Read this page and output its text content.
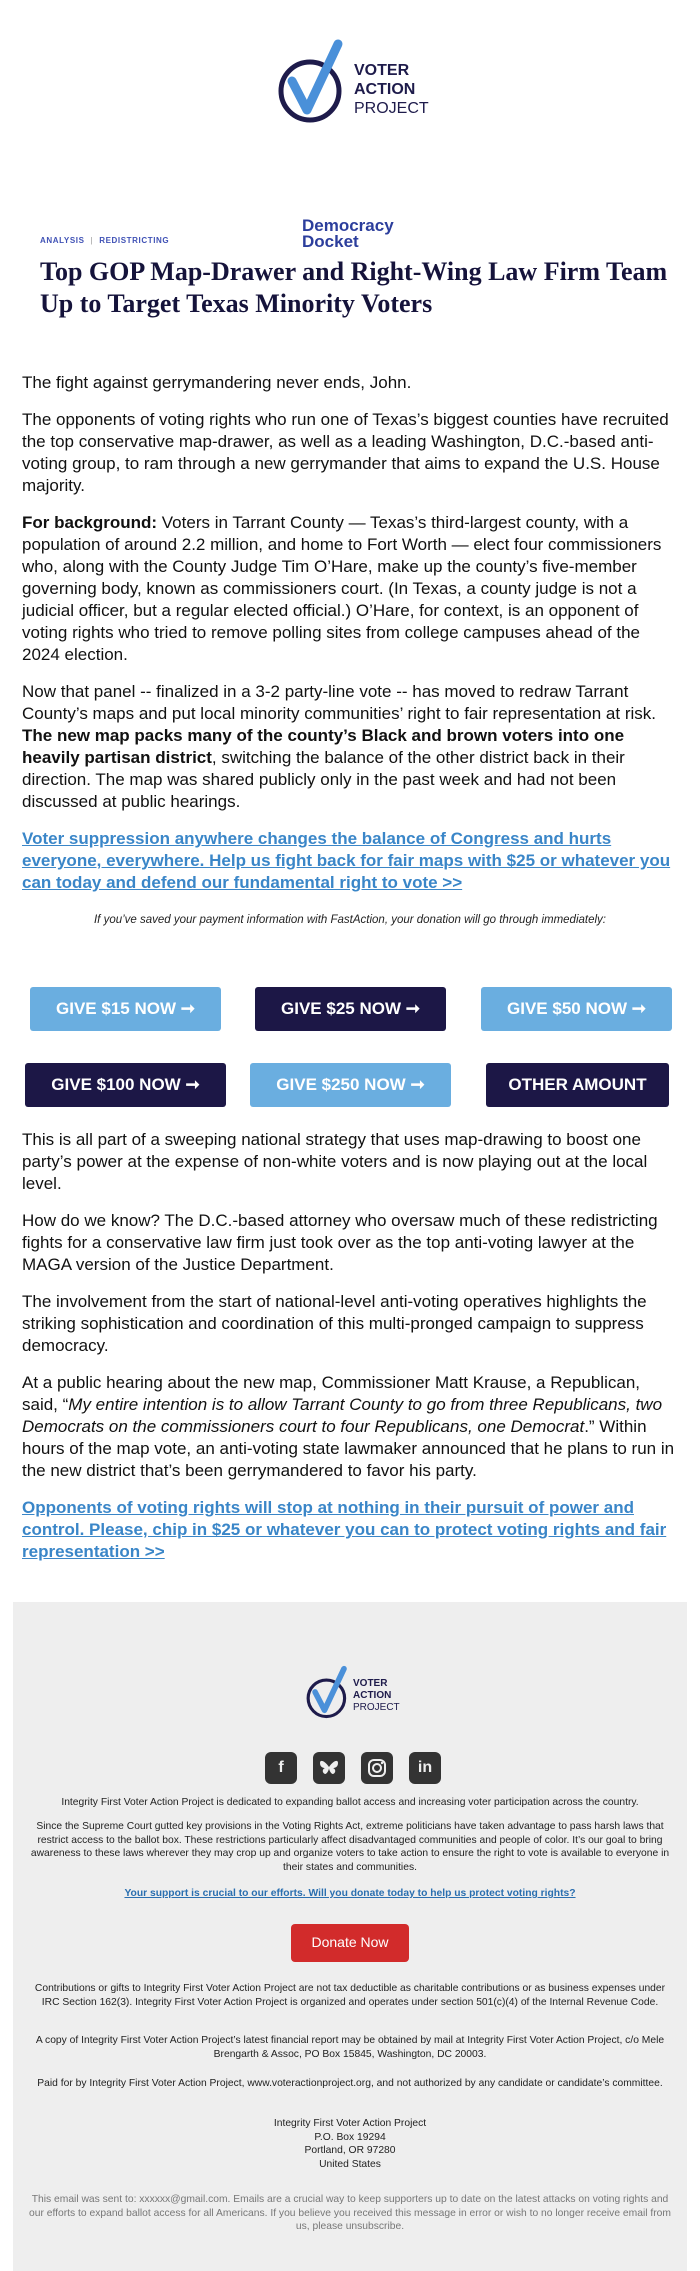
VOTER
ACTION
PROJECT
ANALYSIS | REDISTRICTING
Democracy
Docket
Top GOP Map-Drawer and Right-Wing Law Firm Team Up to Target Texas Minority Voters

The fight against gerrymandering never ends, John.

The opponents of voting rights who run one of Texas’s biggest counties have recruited the top conservative map-drawer, as well as a leading Washington, D.C.-based anti-voting group, to ram through a new gerrymander that aims to expand the U.S. House majority.

For background: Voters in Tarrant County — Texas’s third-largest county, with a population of around 2.2 million, and home to Fort Worth — elect four commissioners who, along with the County Judge Tim O’Hare, make up the county’s five-member governing body, known as commissioners court. (In Texas, a county judge is not a judicial officer, but a regular elected official.) O’Hare, for context, is an opponent of voting rights who tried to remove polling sites from college campuses ahead of the 2024 election.

Now that panel -- finalized in a 3-2 party-line vote -- has moved to redraw Tarrant County’s maps and put local minority communities’ right to fair representation at risk. The new map packs many of the county’s Black and brown voters into one heavily partisan district, switching the balance of the other district back in their direction. The map was shared publicly only in the past week and had not been discussed at public hearings.

Voter suppression anywhere changes the balance of Congress and hurts everyone, everywhere. Help us fight back for fair maps with $25 or whatever you can today and defend our fundamental right to vote >>

If you’ve saved your payment information with FastAction, your donation will go through immediately:

GIVE $15 NOW ➞	GIVE $25 NOW ➞	GIVE $50 NOW ➞
GIVE $100 NOW ➞	GIVE $250 NOW ➞	OTHER AMOUNT

This is all part of a sweeping national strategy that uses map-drawing to boost one party’s power at the expense of non-white voters and is now playing out at the local level.

How do we know? The D.C.-based attorney who oversaw much of these redistricting fights for a conservative law firm just took over as the top anti-voting lawyer at the MAGA version of the Justice Department.

The involvement from the start of national-level anti-voting operatives highlights the striking sophistication and coordination of this multi-pronged campaign to suppress democracy.

At a public hearing about the new map, Commissioner Matt Krause, a Republican, said, “My entire intention is to allow Tarrant County to go from three Republicans, two Democrats on the commissioners court to four Republicans, one Democrat.” Within hours of the map vote, an anti-voting state lawmaker announced that he plans to run in the new district that’s been gerrymandered to favor his party.

Opponents of voting rights will stop at nothing in their pursuit of power and control. Please, chip in $25 or whatever you can to protect voting rights and fair representation >>

VOTER
ACTION
PROJECT
f	in

Integrity First Voter Action Project is dedicated to expanding ballot access and increasing voter participation across the country.

Since the Supreme Court gutted key provisions in the Voting Rights Act, extreme politicians have taken advantage to pass harsh laws that restrict access to the ballot box. These restrictions particularly affect disadvantaged communities and people of color. It’s our goal to bring awareness to these laws wherever they may crop up and organize voters to take action to ensure the right to vote is available to everyone in their states and communities.

Your support is crucial to our efforts. Will you donate today to help us protect voting rights?

Donate Now

Contributions or gifts to Integrity First Voter Action Project are not tax deductible as charitable contributions or as business expenses under IRC Section 162(3). Integrity First Voter Action Project is organized and operates under section 501(c)(4) of the Internal Revenue Code.

A copy of Integrity First Voter Action Project’s latest financial report may be obtained by mail at Integrity First Voter Action Project, c/o Mele Brengarth & Assoc, PO Box 15845, Washington, DC 20003.

Paid for by Integrity First Voter Action Project, www.voteractionproject.org, and not authorized by any candidate or candidate’s committee.

Integrity First Voter Action Project
P.O. Box 19294
Portland, OR 97280
United States

This email was sent to: xxxxxx@gmail.com. Emails are a crucial way to keep supporters up to date on the latest attacks on voting rights and our efforts to expand ballot access for all Americans. If you believe you received this message in error or wish to no longer receive email from us, please unsubscribe.
